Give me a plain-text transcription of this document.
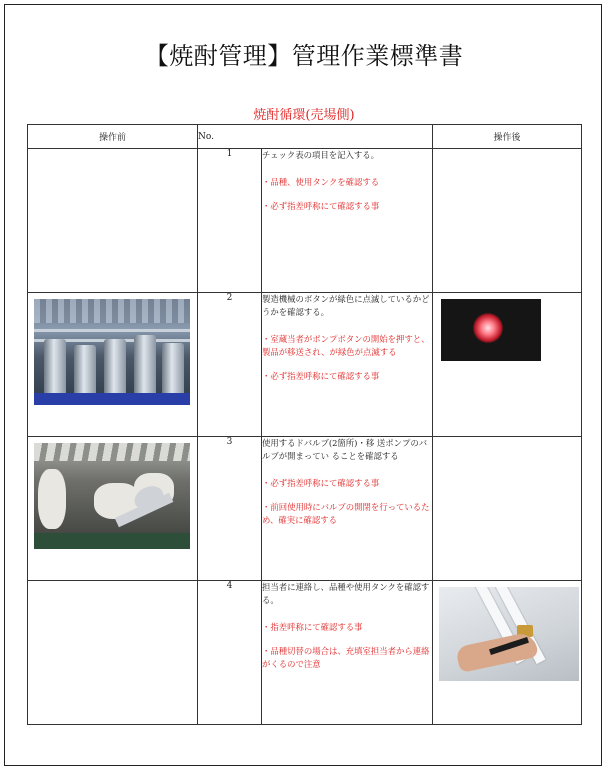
【焼酎管理】管理作業標準書
焼酎循環(売場側)
操作前	No.		操作後
	1	チェック表の項目を記入する。

・品種、使用タンクを確認する

・必ず指差呼称にて確認する事	

	2	製造機械のボタンが緑色に点滅しているかどうかを確認する。

・室蔵当者がポンプボタンの開始を押すと、製品が移送され、が緑色が点滅する

・必ず指差呼称にて確認する事	

	3	使用するドバルブ(2箇所)・移 送ポンプのバルブが開まってい ることを確認する

・必ず指差呼称にて確認する事

・前回使用時にバルブの開閉を行っているため、確実に確認する	

	4	担当者に連絡し、品種や使用タンクを確認する。

・指差呼称にて確認する事

・品種切替の場合は、充填室担当者から連絡がくるので注意	
